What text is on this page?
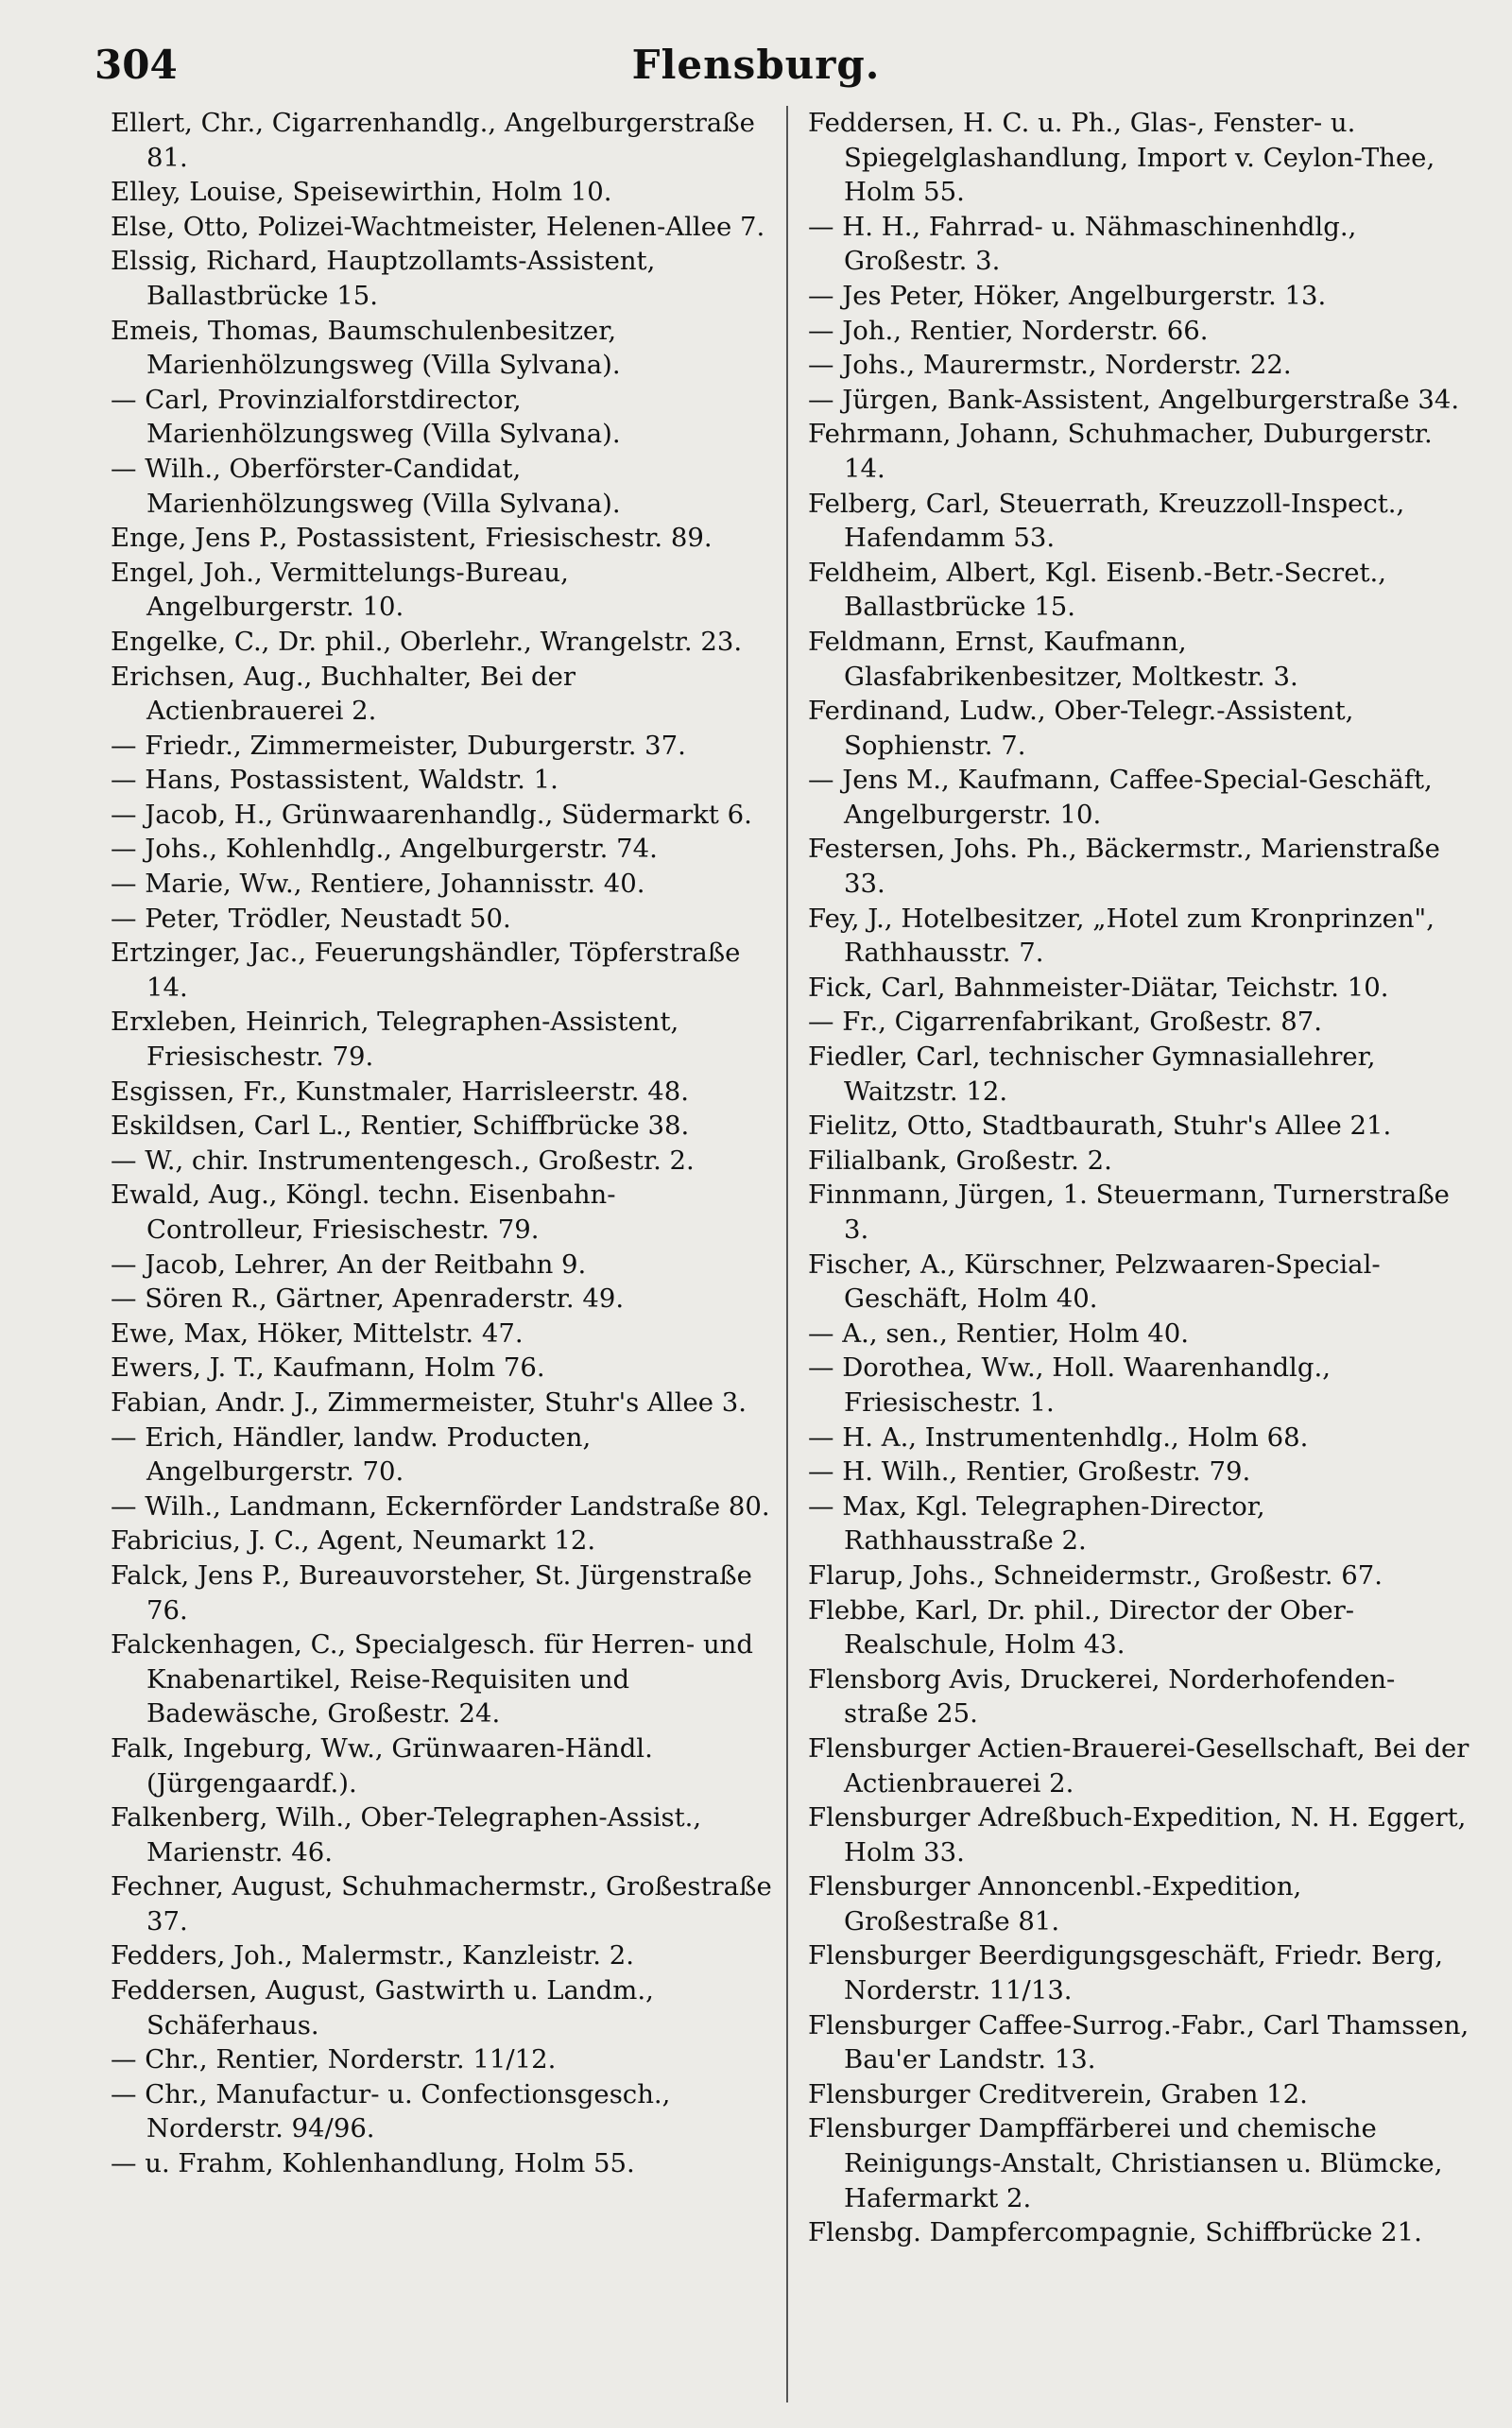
304	Flensburg.

Ellert, Chr., Cigarrenhandlg., Angelburgerstraße 81.

Elley, Louise, Speisewirthin, Holm 10.

Else, Otto, Polizei-Wachtmeister, Helenen-Allee 7.

Elssig, Richard, Hauptzollamts-Assistent, Ballastbrücke 15.

Emeis, Thomas, Baumschulenbesitzer, Marienhölzungsweg (Villa Sylvana).

— Carl, Provinzialforstdirector, Marienhölzungsweg (Villa Sylvana).

— Wilh., Oberförster-Candidat, Marienhölzungsweg (Villa Sylvana).

Enge, Jens P., Postassistent, Friesischestr. 89.

Engel, Joh., Vermittelungs-Bureau, Angelburgerstr. 10.

Engelke, C., Dr. phil., Oberlehr., Wrangelstr. 23.

Erichsen, Aug., Buchhalter, Bei der Actienbrauerei 2.

— Friedr., Zimmermeister, Duburgerstr. 37.

— Hans, Postassistent, Waldstr. 1.

— Jacob, H., Grünwaarenhandlg., Südermarkt 6.

— Johs., Kohlenhdlg., Angelburgerstr. 74.

— Marie, Ww., Rentiere, Johannisstr. 40.

— Peter, Trödler, Neustadt 50.

Ertzinger, Jac., Feuerungshändler, Töpferstraße 14.

Erxleben, Heinrich, Telegraphen-Assistent, Friesischestr. 79.

Esgissen, Fr., Kunstmaler, Harrisleerstr. 48.

Eskildsen, Carl L., Rentier, Schiffbrücke 38.

— W., chir. Instrumentengesch., Großestr. 2.

Ewald, Aug., Köngl. techn. Eisenbahn-Controlleur, Friesischestr. 79.

— Jacob, Lehrer, An der Reitbahn 9.

— Sören R., Gärtner, Apenraderstr. 49.

Ewe, Max, Höker, Mittelstr. 47.

Ewers, J. T., Kaufmann, Holm 76.

Fabian, Andr. J., Zimmermeister, Stuhr's Allee 3.

— Erich, Händler, landw. Producten, Angelburgerstr. 70.

— Wilh., Landmann, Eckernförder Landstraße 80.

Fabricius, J. C., Agent, Neumarkt 12.

Falck, Jens P., Bureauvorsteher, St. Jürgenstraße 76.

Falckenhagen, C., Specialgesch. für Herren- und Knabenartikel, Reise-Requisiten und Badewäsche, Großestr. 24.

Falk, Ingeburg, Ww., Grünwaaren-Händl. (Jürgengaardf.).

Falkenberg, Wilh., Ober-Telegraphen-Assist., Marienstr. 46.

Fechner, August, Schuhmachermstr., Großestraße 37.

Fedders, Joh., Malermstr., Kanzleistr. 2.

Feddersen, August, Gastwirth u. Landm., Schäferhaus.

— Chr., Rentier, Norderstr. 11/12.

— Chr., Manufactur- u. Confectionsgesch., Norderstr. 94/96.

— u. Frahm, Kohlenhandlung, Holm 55.

Feddersen, H. C. u. Ph., Glas-, Fenster- u. Spiegelglashandlung, Import v. Ceylon-Thee, Holm 55.

— H. H., Fahrrad- u. Nähmaschinenhdlg., Großestr. 3.

— Jes Peter, Höker, Angelburgerstr. 13.

— Joh., Rentier, Norderstr. 66.

— Johs., Maurermstr., Norderstr. 22.

— Jürgen, Bank-Assistent, Angelburgerstraße 34.

Fehrmann, Johann, Schuhmacher, Duburgerstr. 14.

Felberg, Carl, Steuerrath, Kreuzzoll-Inspect., Hafendamm 53.

Feldheim, Albert, Kgl. Eisenb.-Betr.-Secret., Ballastbrücke 15.

Feldmann, Ernst, Kaufmann, Glasfabrikenbesitzer, Moltkestr. 3.

Ferdinand, Ludw., Ober-Telegr.-Assistent, Sophienstr. 7.

— Jens M., Kaufmann, Caffee-Special-Geschäft, Angelburgerstr. 10.

Festersen, Johs. Ph., Bäckermstr., Marienstraße 33.

Fey, J., Hotelbesitzer, „Hotel zum Kronprinzen", Rathhausstr. 7.

Fick, Carl, Bahnmeister-Diätar, Teichstr. 10.

— Fr., Cigarrenfabrikant, Großestr. 87.

Fiedler, Carl, technischer Gymnasiallehrer, Waitzstr. 12.

Fielitz, Otto, Stadtbaurath, Stuhr's Allee 21.

Filialbank, Großestr. 2.

Finnmann, Jürgen, 1. Steuermann, Turnerstraße 3.

Fischer, A., Kürschner, Pelzwaaren-Special-Geschäft, Holm 40.

— A., sen., Rentier, Holm 40.

— Dorothea, Ww., Holl. Waarenhandlg., Friesischestr. 1.

— H. A., Instrumentenhdlg., Holm 68.

— H. Wilh., Rentier, Großestr. 79.

— Max, Kgl. Telegraphen-Director, Rathhausstraße 2.

Flarup, Johs., Schneidermstr., Großestr. 67.

Flebbe, Karl, Dr. phil., Director der Ober-Realschule, Holm 43.

Flensborg Avis, Druckerei, Norderhofenden-straße 25.

Flensburger Actien-Brauerei-Gesellschaft, Bei der Actienbrauerei 2.

Flensburger Adreßbuch-Expedition, N. H. Eggert, Holm 33.

Flensburger Annoncenbl.-Expedition, Großestraße 81.

Flensburger Beerdigungsgeschäft, Friedr. Berg, Norderstr. 11/13.

Flensburger Caffee-Surrog.-Fabr., Carl Thamssen, Bau'er Landstr. 13.

Flensburger Creditverein, Graben 12.

Flensburger Dampffärberei und chemische Reinigungs-Anstalt, Christiansen u. Blümcke, Hafermarkt 2.

Flensbg. Dampfercompagnie, Schiffbrücke 21.
